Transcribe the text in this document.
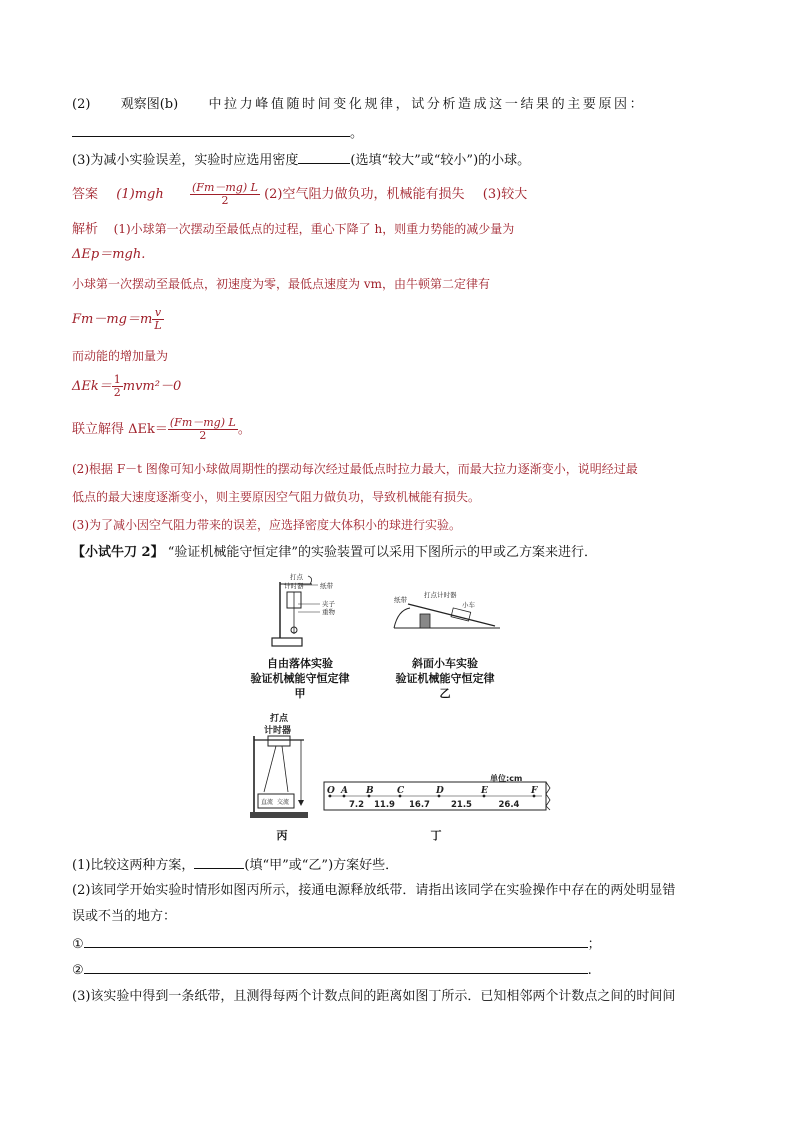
(2) 观察图(b) 中拉力峰值随时间变化规律，试分析造成这一结果的主要原因：
。
(3)为减小实验误差，实验时应选用密度	(选填“较大”或“较小”)的小球。
答案 $(1)mgh \frac{(Fm-mg) L}{2} (2)$空气阻力做负功，机械能有损失 (3)较大
解析 (1)小球第一次摆动至最低点的过程，重心下降了 h，则重力势能的减少量为
ΔEp＝mgh.
小球第一次摆动至最低点，初速度为零，最低点速度为 vm，由牛顿第二定律有
$Fm-mg=m \frac{v}{L}$
而动能的增加量为
$\Delta Ek= \frac{1}{2} mvm^2-0$
联立解得 $\Delta Ek= \frac{(Fm-mg) L}{2}$ 。
(2)根据 F－t 图像可知小球做周期性的摆动每次经过最低点时拉力最大，而最大拉力逐渐变小，说明经过最
低点的最大速度逐渐变小，则主要原因空气阻力做负功，导致机械能有损失。
(3)为了减小因空气阻力带来的误差，应选择密度大体积小的球进行实验。
【小试牛刀 2】 “验证机械能守恒定律”的实验装置可以采用下图所示的甲或乙方案来进行．
打点
计时器	纸带
夹子
重物
自由落体实验
验证机械能守恒定律
甲
纸带
打点计时器
小车
斜面小车实验
验证机械能守恒定律
乙
打点
计时器
直流 交流
丙
单位:cm
O A B	C	D	E	F
7.2 11.9 16.7 21.5	26.4
丁
(1)比较这两种方案，	(填“甲”或“乙”)方案好些．
(2)该同学开始实验时情形如图丙所示，接通电源释放纸带．请指出该同学在实验操作中存在的两处明显错
误或不当的地方：
①	；
②	.
(3)该实验中得到一条纸带，且测得每两个计数点间的距离如图丁所示．已知相邻两个计数点之间的时间间
